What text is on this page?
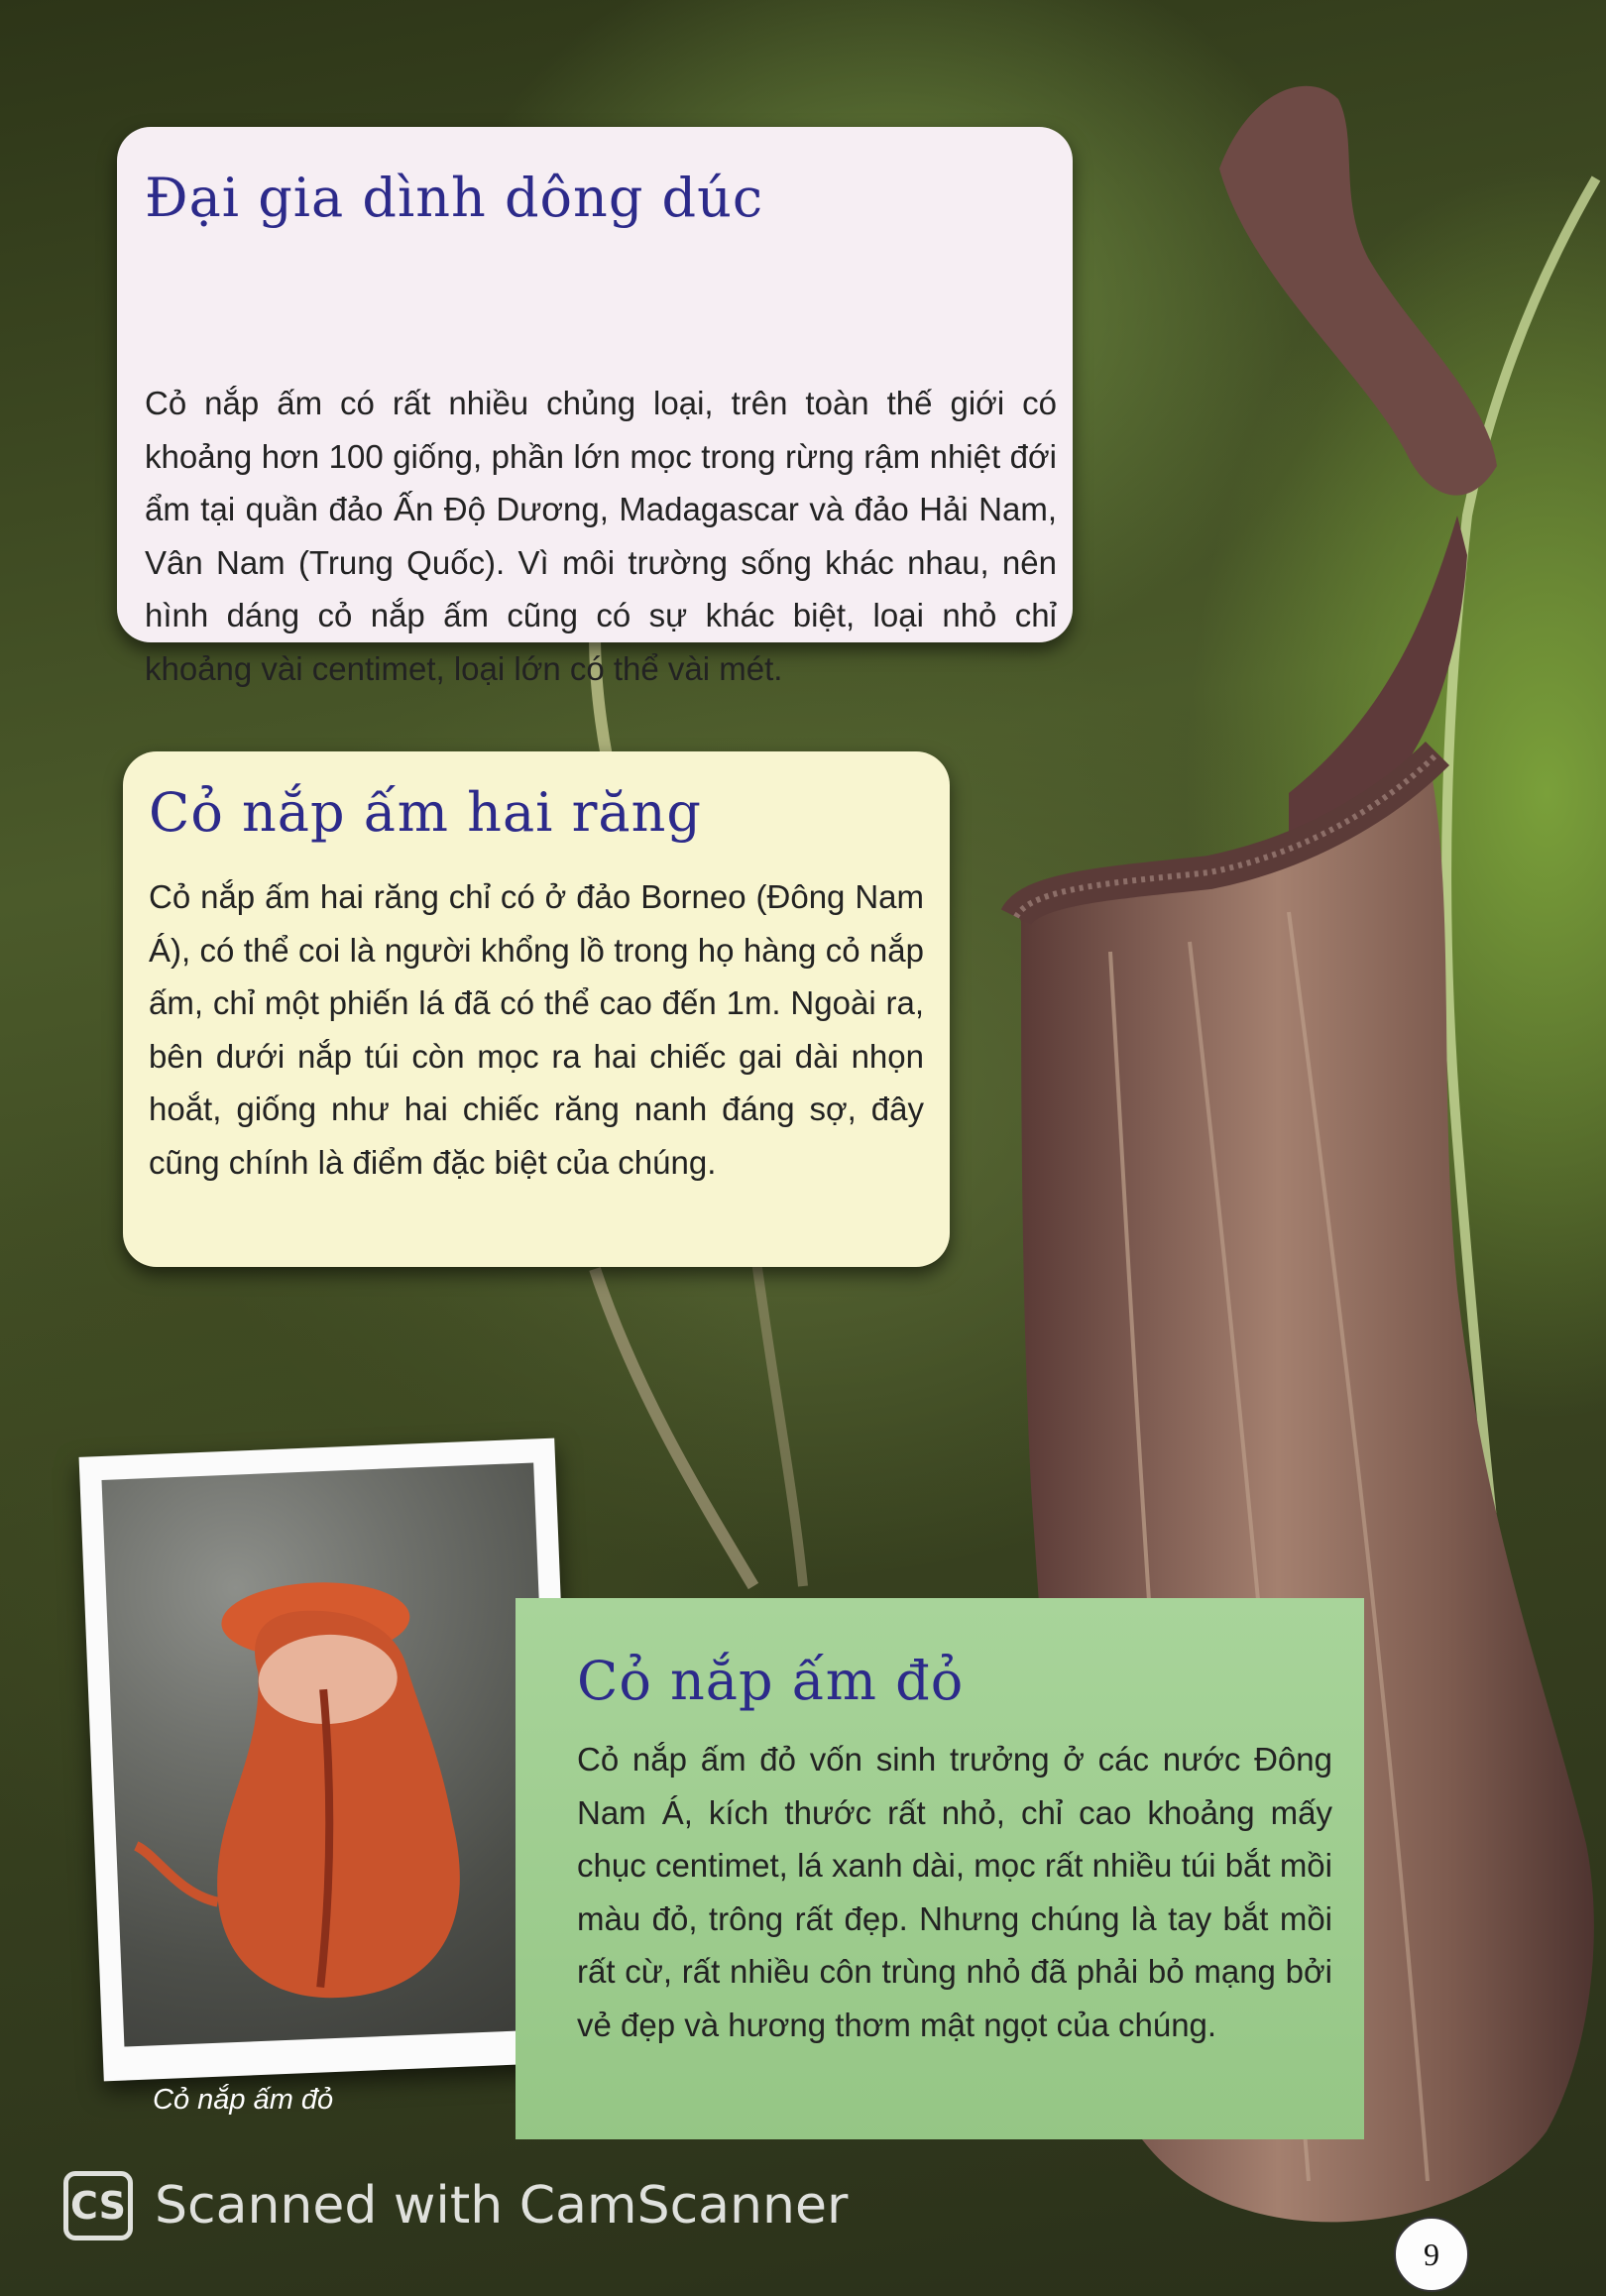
Đại gia dình dông dúc

Cỏ nắp ấm có rất nhiều chủng loại, trên toàn thế giới có khoảng hơn 100 giống, phần lớn mọc trong rừng rậm nhiệt đới ẩm tại quần đảo Ấn Độ Dương, Madagascar và đảo Hải Nam, Vân Nam (Trung Quốc). Vì môi trường sống khác nhau, nên hình dáng cỏ nắp ấm cũng có sự khác biệt, loại nhỏ chỉ khoảng vài centimet, loại lớn có thể vài mét.

Cỏ nắp ấm hai răng

Cỏ nắp ấm hai răng chỉ có ở đảo Borneo (Đông Nam Á), có thể coi là người khổng lồ trong họ hàng cỏ nắp ấm, chỉ một phiến lá đã có thể cao đến 1m. Ngoài ra, bên dưới nắp túi còn mọc ra hai chiếc gai dài nhọn hoắt, giống như hai chiếc răng nanh đáng sợ, đây cũng chính là điểm đặc biệt của chúng.

Cỏ nắp ấm đỏ
Cỏ nắp ấm đỏ

Cỏ nắp ấm đỏ vốn sinh trưởng ở các nước Đông Nam Á, kích thước rất nhỏ, chỉ cao khoảng mấy chục centimet, lá xanh dài, mọc rất nhiều túi bắt mồi màu đỏ, trông rất đẹp. Nhưng chúng là tay bắt mồi rất cừ, rất nhiều côn trùng nhỏ đã phải bỏ mạng bởi vẻ đẹp và hương thơm mật ngọt của chúng.

CS Scanned with CamScanner
9
